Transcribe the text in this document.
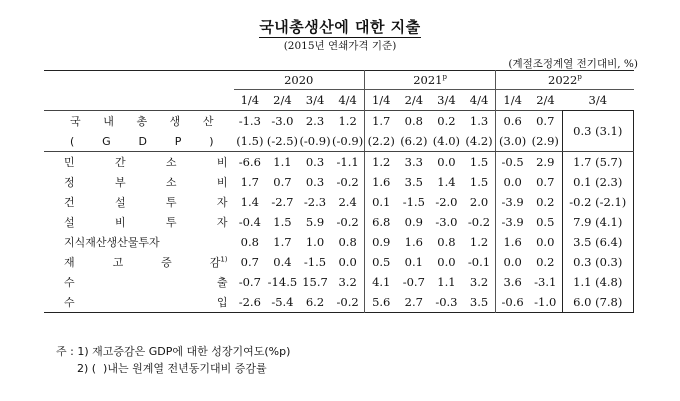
국내총생산에 대한 지출
(2015년 연쇄가격 기준)
(계절조정계열 전기대비, %)
	2020				2021$^p$				2022$^p$
	1/4	2/4	3/4	4/4	1/4	2/4	3/4	4/4	1/4	2/4	3/4
국 내 총 생 산	-1.3	-3.0	2.3	1.2	1.7	0.8	0.2	1.3	0.6	0.7	0.3 (3.1)
( G D P )	(1.5)	(-2.5)	(-0.9)	(-0.9)	(2.2)	(6.2)	(4.0)	(4.2)	(3.0)	(2.9)	
민 간 소 비	-6.6	1.1	0.3	-1.1	1.2	3.3	0.0	1.5	-0.5	2.9	1.7 (5.7)
정 부 소 비	1.7	0.7	0.3	-0.2	1.6	3.5	1.4	1.5	0.0	0.7	0.1 (2.3)
건 설 투 자	1.4	-2.7	-2.3	2.4	0.1	-1.5	-2.0	2.0	-3.9	0.2	-0.2 (-2.1)
설 비 투 자	-0.4	1.5	5.9	-0.2	6.8	0.9	-3.0	-0.2	-3.9	0.5	7.9 (4.1)
지식재산생산물투자	0.8	1.7	1.0	0.8	0.9	1.6	0.8	1.2	1.6	0.0	3.5 (6.4)
재 고 증 감$^{1)}$	0.7	0.4	-1.5	0.0	0.5	0.1	0.0	-0.1	0.0	0.2	0.3 (0.3)
수 출	-0.7	-14.5	15.7	3.2	4.1	-0.7	1.1	3.2	3.6	-3.1	1.1 (4.8)
수 입	-2.6	-5.4	6.2	-0.2	5.6	2.7	-0.3	3.5	-0.6	-1.0	6.0 (7.8)
주 : 1) 재고증감은 GDP에 대한 성장기여도(%p)
2) (  )내는 원계열 전년동기대비 증감률
